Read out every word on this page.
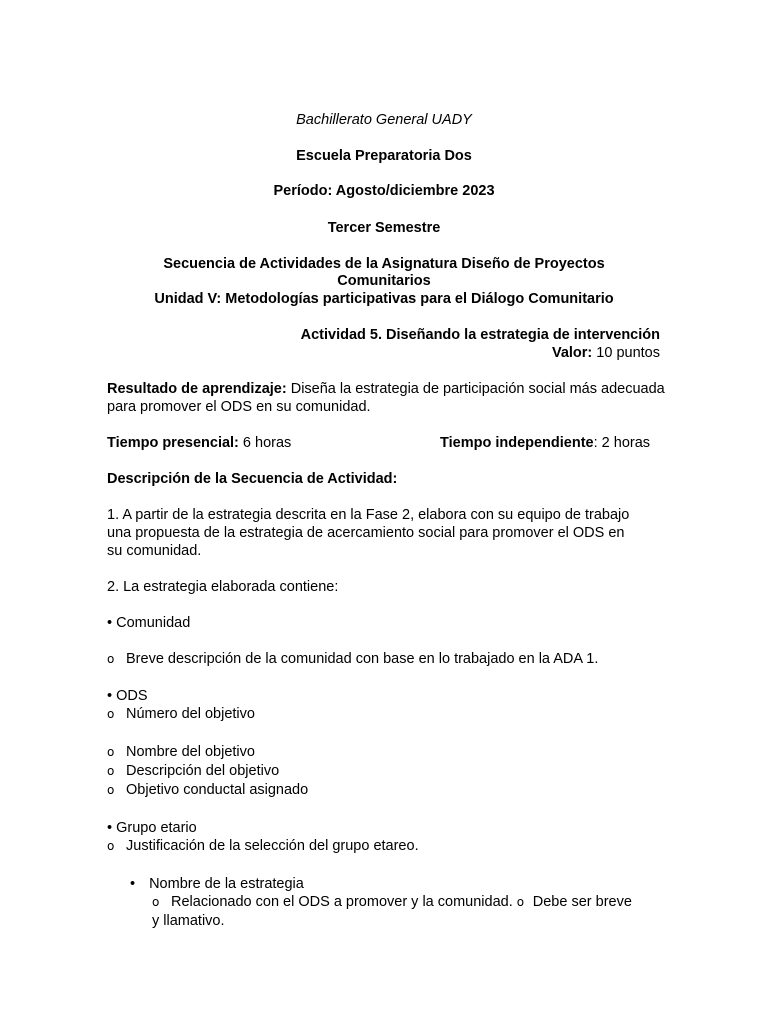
Bachillerato General UADY
Escuela Preparatoria Dos
Período: Agosto/diciembre 2023
Tercer Semestre
Secuencia de Actividades de la Asignatura Diseño de Proyectos
Comunitarios
Unidad V: Metodologías participativas para el Diálogo Comunitario
Actividad 5. Diseñando la estrategia de intervención
Valor: 10 puntos
Resultado de aprendizaje: Diseña la estrategia de participación social más adecuada para promover el ODS en su comunidad.
Tiempo presencial: 6 horas	Tiempo independiente: 2 horas
Descripción de la Secuencia de Actividad:
1. A partir de la estrategia descrita en la Fase 2, elabora con su equipo de trabajo
una propuesta de la estrategia de acercamiento social para promover el ODS en
su comunidad.
2. La estrategia elaborada contiene:
• Comunidad
o Breve descripción de la comunidad con base en lo trabajado en la ADA 1.
• ODS
o Número del objetivo
o Nombre del objetivo
o Descripción del objetivo
o Objetivo conductal asignado
• Grupo etario
o Justificación de la selección del grupo etareo.
• Nombre de la estrategia
o Relacionado con el ODS a promover y la comunidad. o Debe ser breve
y llamativo.
